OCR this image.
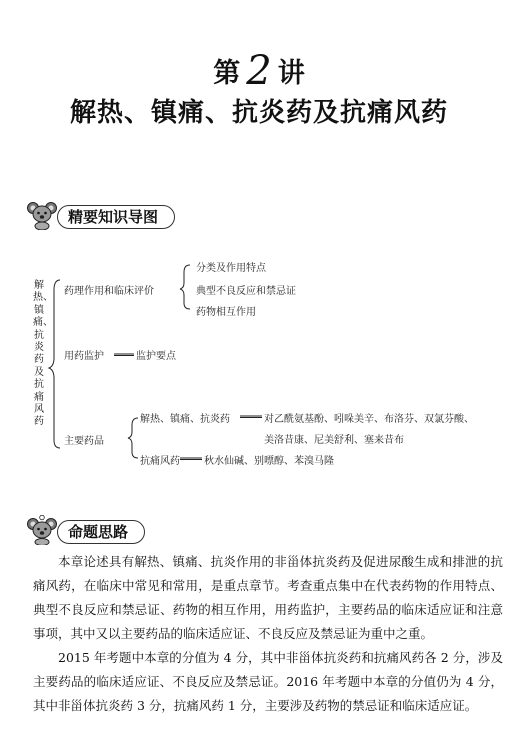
第 2 讲
解热、镇痛、抗炎药及抗痛风药
精要知识导图
解热、镇痛、抗炎药及抗痛风药
药理作用和临床评价
分类及作用特点
典型不良反应和禁忌证
药物相互作用
用药监护	监护要点
主要药品
解热、镇痛、抗炎药	对乙酰氨基酚、吲哚美辛、布洛芬、双氯芬酸、
美洛昔康、尼美舒利、塞来昔布
抗痛风药 秋水仙碱、别嘌醇、苯溴马隆
命题思路

本章论述具有解热、镇痛、抗炎作用的非甾体抗炎药及促进尿酸生成和排泄的抗痛风药，在临床中常见和常用，是重点章节。考查重点集中在代表药物的作用特点、典型不良反应和禁忌证、药物的相互作用，用药监护，主要药品的临床适应证和注意事项，其中又以主要药品的临床适应证、不良反应及禁忌证为重中之重。

2015 年考题中本章的分值为 4 分，其中非甾体抗炎药和抗痛风药各 2 分，涉及主要药品的临床适应证、不良反应及禁忌证。2016 年考题中本章的分值仍为 4 分，其中非甾体抗炎药 3 分，抗痛风药 1 分，主要涉及药物的禁忌证和临床适应证。
